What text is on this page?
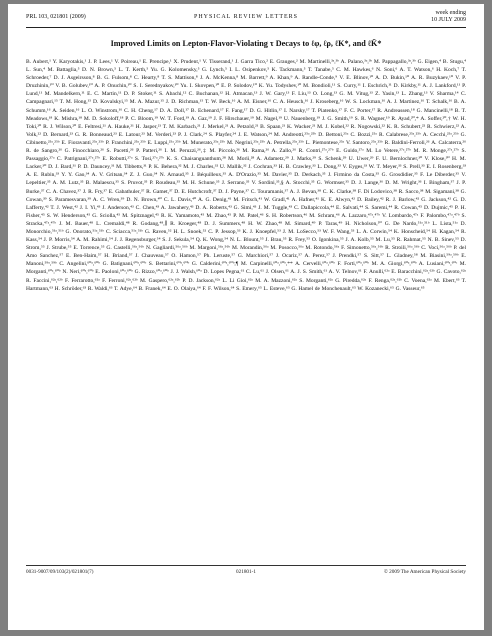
PRL 103, 021801 (2009)	PHYSICAL REVIEW LETTERS
week ending
10 JULY 2009
Improved Limits on Lepton-Flavor-Violating τ Decays to ℓφ, ℓρ, ℓK*, and ℓK̄*
B. Aubert,¹ Y. Karyotakis,¹ J. P. Lees,¹ V. Poireau,¹ E. Prencipe,¹ X. Prudent,¹ V. Tisserand,¹ J. Garra Tico,² E. Grauges,² M. Martinelli,³ᵃ,³ᵇ A. Palano,³ᵃ,³ᵇ M. Pappagallo,³ᵃ,³ᵇ G. Eigen,⁴ B. Stugu,⁴ L. Sun,⁴ M. Battaglia,⁵ D. N. Brown,⁵ L. T. Kerth,⁵ Yu. G. Kolomensky,⁵ G. Lynch,⁵ I. L. Osipenkov,⁵ K. Tackmann,⁵ T. Tanabe,⁵ C. M. Hawkes,⁶ N. Soni,⁶ A. T. Watson,⁶ H. Koch,⁷ T. Schroeder,⁷ D. J. Asgeirsson,⁸ B. G. Fulsom,⁸ C. Hearty,⁸ T. S. Mattison,⁸ J. A. McKenna,⁸ M. Barrett,⁹ A. Khan,⁹ A. Randle-Conde,⁹ V. E. Blinov,¹⁰ A. D. Bukin,¹⁰ A. R. Buzykaev,¹⁰ V. P. Druzhinin,¹⁰ V. B. Golubev,¹⁰ A. P. Onuchin,¹⁰ S. I. Serednyakov,¹⁰ Yu. I. Skovpen,¹⁰ E. P. Solodov,¹⁰ K. Yu. Todyshev,¹⁰ M. Bondioli,¹¹ S. Curry,¹¹ I. Eschrich,¹¹ D. Kirkby,¹¹ A. J. Lankford,¹¹ P. Lund,¹¹ M. Mandelkern,¹¹ E. C. Martin,¹¹ D. P. Stoker,¹¹ S. Abachi,¹² C. Buchanan,¹² H. Atmacan,¹³ J. W. Gary,¹³ F. Liu,¹³ O. Long,¹³ G. M. Vitug,¹³ Z. Yasin,¹³ L. Zhang,¹³ V. Sharma,¹⁴ C. Campagnari,¹⁵ T. M. Hong,¹⁵ D. Kovalskyi,¹⁵ M. A. Mazur,¹⁵ J. D. Richman,¹⁵ T. W. Beck,¹⁶ A. M. Eisner,¹⁶ C. A. Heusch,¹⁶ J. Kroseberg,¹⁶ W. S. Lockman,¹⁶ A. J. Martinez,¹⁶ T. Schalk,¹⁶ B. A. Schumm,¹⁶ A. Seiden,¹⁶ L. O. Winstrom,¹⁶ C. H. Cheng,¹⁷ D. A. Doll,¹⁷ B. Echenard,¹⁷ F. Fang,¹⁷ D. G. Hitlin,¹⁷ I. Narsky,¹⁷ T. Piatenko,¹⁷ F. C. Porter,¹⁷ R. Andreassen,¹⁸ G. Mancinelli,¹⁸ B. T. Meadows,¹⁸ K. Mishra,¹⁸ M. D. Sokoloff,¹⁸ P. C. Bloom,¹⁹ W. T. Ford,¹⁹ A. Gaz,¹⁹ J. F. Hirschauer,¹⁹ M. Nagel,¹⁹ U. Nauenberg,¹⁹ J. G. Smith,¹⁹ S. R. Wagner,¹⁹ R. Ayad,²⁰,* A. Soffer,²⁰,† W. H. Toki,²⁰ R. J. Wilson,²⁰ E. Feltresi,²¹ A. Hauke,²¹ H. Jasper,²¹ T. M. Karbach,²¹ J. Merkel,²¹ A. Petzold,²¹ B. Spaan,²¹ K. Wacker,²¹ M. J. Kobel,²² R. Nogowski,²² K. R. Schubert,²² R. Schwierz,²² A. Volk,²² D. Bernard,²³ G. R. Bonneaud,²³ E. Latour,²³ M. Verderi,²³ P. J. Clark,²⁴ S. Playfer,²⁴ J. E. Watson,²⁴ M. Andreotti,²⁵ᵃ,²⁵ᵇ D. Bettoni,²⁵ᵃ C. Bozzi,²⁵ᵃ R. Calabrese,²⁵ᵃ,²⁵ᵇ A. Cecchi,²⁵ᵃ,²⁵ᵇ G. Cibinetto,²⁵ᵃ,²⁵ᵇ E. Fioravanti,²⁵ᵃ,²⁵ᵇ P. Franchini,²⁵ᵃ,²⁵ᵇ E. Luppi,²⁵ᵃ,²⁵ᵇ M. Munerato,²⁵ᵃ,²⁵ᵇ M. Negrini,²⁵ᵃ,²⁵ᵇ A. Petrella,²⁵ᵃ,²⁵ᵇ L. Piemontese,²⁵ᵃ V. Santoro,²⁵ᵃ,²⁵ᵇ R. Baldini-Ferroli,²⁶ A. Calcaterra,²⁶ R. de Sangro,²⁶ G. Finocchiaro,²⁶ S. Pacetti,²⁶ P. Patteri,²⁶ I. M. Peruzzi,²⁶,‡ M. Piccolo,²⁶ M. Rama,²⁶ A. Zallo,²⁶ R. Contri,²⁷ᵃ,²⁷ᵇ E. Guido,²⁷ᵃ M. Lo Vetere,²⁷ᵃ,²⁷ᵇ M. R. Monge,²⁷ᵃ,²⁷ᵇ S. Passaggio,²⁷ᵃ C. Patrignani,²⁷ᵃ,²⁷ᵇ E. Robutti,²⁷ᵃ S. Tosi,²⁷ᵃ,²⁷ᵇ K. S. Chaisanguanthum,²⁸ M. Morii,²⁸ A. Adametz,²⁹ J. Marks,²⁹ S. Schenk,²⁹ U. Uwer,²⁹ F. U. Bernlochner,³⁰ V. Klose,³⁰ H. M. Lacker,³⁰ D. J. Bard,³¹ P. D. Dauncey,³¹ M. Tibbetts,³¹ P. K. Behera,³² M. J. Charles,³² U. Mallik,³² J. Cochran,³³ H. B. Crawley,³³ L. Dong,³³ V. Eyges,³³ W. T. Meyer,³³ S. Prell,³³ E. I. Rosenberg,³³ A. E. Rubin,³³ Y. Y. Gao,³⁴ A. V. Gritsan,³⁴ Z. J. Guo,³⁴ N. Arnaud,³⁵ J. Béquilleux,³⁵ A. D'Orazio,³⁵ M. Davier,³⁵ D. Derkach,³⁵ J. Firmino da Costa,³⁵ G. Grosdidier,³⁵ F. Le Diberder,³⁵ V. Lepeltier,³⁵ A. M. Lutz,³⁵ B. Malaescu,³⁵ S. Pruvot,³⁵ P. Roudeau,³⁵ M. H. Schune,³⁵ J. Serrano,³⁵ V. Sordini,³⁵,§ A. Stocchi,³⁵ G. Wormser,³⁵ D. J. Lange,³⁶ D. M. Wright,³⁶ I. Bingham,³⁷ J. P. Burke,³⁷ C. A. Chavez,³⁷ J. R. Fry,³⁷ E. Gabathuler,³⁷ R. Gamet,³⁷ D. E. Hutchcroft,³⁷ D. J. Payne,³⁷ C. Touramanis,³⁷ A. J. Bevan,³⁸ C. K. Clarke,³⁸ F. Di Lodovico,³⁸ R. Sacco,³⁸ M. Sigamani,³⁸ G. Cowan,³⁹ S. Paramesvaran,³⁹ A. C. Wren,³⁹ D. N. Brown,⁴⁰ C. L. Davis,⁴⁰ A. G. Denig,⁴¹ M. Fritsch,⁴¹ W. Gradl,⁴¹ A. Hafner,⁴¹ K. E. Alwyn,⁴² D. Bailey,⁴² R. J. Barlow,⁴² G. Jackson,⁴² G. D. Lafferty,⁴² T. J. West,⁴² J. I. Yi,⁴³ J. Anderson,⁴³ C. Chen,⁴³ A. Jawahery,⁴³ D. A. Roberts,⁴³ G. Simi,⁴³ J. M. Tuggle,⁴³ C. Dallapiccola,⁴⁴ E. Salvati,⁴⁴ S. Saremi,⁴⁴ R. Cowan,⁴⁵ D. Dujmic,⁴⁵ P. H. Fisher,⁴⁵ S. W. Henderson,⁴⁵ G. Sciolla,⁴⁵ M. Spitznagel,⁴⁵ R. K. Yamamoto,⁴⁵ M. Zhao,⁴⁵ P. M. Patel,⁴⁶ S. H. Robertson,⁴⁶ M. Schram,⁴⁶ A. Lazzaro,⁴⁷ᵃ,⁴⁷ᵇ V. Lombardo,⁴⁷ᵃ F. Palombo,⁴⁷ᵃ,⁴⁷ᵇ S. Stracka,⁴⁷ᵃ,⁴⁷ᵇ J. M. Bauer,⁴⁸ L. Cremaldi,⁴⁸ R. Godang,⁴⁸,∥ R. Kroeger,⁴⁸ D. J. Summers,⁴⁸ H. W. Zhao,⁴⁸ M. Simard,⁴⁹ P. Taras,⁴⁹ H. Nicholson,⁵⁰ G. De Nardo,⁵¹ᵃ,⁵¹ᵇ L. Lista,⁵¹ᵃ D. Monorchio,⁵¹ᵃ,⁵¹ᵇ G. Onorato,⁵¹ᵃ,⁵¹ᵇ C. Sciacca,⁵¹ᵃ,⁵¹ᵇ G. Raven,⁵² H. L. Snoek,⁵² C. P. Jessop,⁵³ K. J. Knoepfel,⁵³ J. M. LoSecco,⁵³ W. F. Wang,⁵³ L. A. Corwin,⁵⁴ K. Honscheid,⁵⁴ H. Kagan,⁵⁴ R. Kass,⁵⁴ J. P. Morris,⁵⁴ A. M. Rahimi,⁵⁴ J. J. Regensburger,⁵⁴ S. J. Sekula,⁵⁴ Q. K. Wong,⁵⁴ N. L. Blount,⁵⁵ J. Brau,⁵⁵ R. Frey,⁵⁵ O. Igonkina,⁵⁵ J. A. Kolb,⁵⁵ M. Lu,⁵⁵ R. Rahmat,⁵⁵ N. B. Sinev,⁵⁵ D. Strom,⁵⁵ J. Strube,⁵⁵ E. Torrence,⁵⁵ G. Castelli,⁵⁶ᵃ,⁵⁶ᵇ N. Gagliardi,⁵⁶ᵃ,⁵⁶ᵇ M. Margoni,⁵⁶ᵃ,⁵⁶ᵇ M. Morandin,⁵⁶ᵃ M. Posocco,⁵⁶ᵃ M. Rotondo,⁵⁶ᵃ F. Simonetto,⁵⁶ᵃ,⁵⁶ᵇ R. Stroili,⁵⁶ᵃ,⁵⁶ᵇ C. Voci,⁵⁶ᵃ,⁵⁶ᵇ P. del Amo Sanchez,⁵⁷ E. Ben-Haim,⁵⁷ H. Briand,⁵⁷ J. Chauveau,⁵⁷ O. Hamon,⁵⁷ Ph. Leruste,⁵⁷ G. Marchiori,⁵⁷ J. Ocariz,⁵⁷ A. Perez,⁵⁷ J. Prendki,⁵⁷ S. Sitt,⁵⁷ L. Gladney,⁵⁸ M. Biasini,⁵⁹ᵃ,⁵⁹ᵇ E. Manoni,⁵⁹ᵃ,⁵⁹ᵇ C. Angelini,⁶⁰ᵃ,⁶⁰ᵇ G. Batignani,⁶⁰ᵃ,⁶⁰ᵇ S. Bettarini,⁶⁰ᵃ,⁶⁰ᵇ G. Calderini,⁶⁰ᵃ,⁶⁰ᵇ,¶ M. Carpinelli,⁶⁰ᵃ,⁶⁰ᵇ,** A. Cervelli,⁶⁰ᵃ,⁶⁰ᵇ F. Forti,⁶⁰ᵃ,⁶⁰ᵇ M. A. Giorgi,⁶⁰ᵃ,⁶⁰ᵇ A. Lusiani,⁶⁰ᵃ,⁶⁰ᶜ M. Morganti,⁶⁰ᵃ,⁶⁰ᵇ N. Neri,⁶⁰ᵃ,⁶⁰ᵇ E. Paoloni,⁶⁰ᵃ,⁶⁰ᵇ G. Rizzo,⁶⁰ᵃ,⁶⁰ᵇ J. J. Walsh,⁶⁰ᵃ D. Lopes Pegna,⁶¹ C. Lu,⁶¹ J. Olsen,⁶¹ A. J. S. Smith,⁶¹ A. V. Telnov,⁶¹ F. Anulli,⁶²ᵃ E. Baracchini,⁶²ᵃ,⁶²ᵇ G. Cavoto,⁶²ᵃ R. Faccini,⁶²ᵃ,⁶²ᵇ F. Ferrarotto,⁶²ᵃ F. Ferroni,⁶²ᵃ,⁶²ᵇ M. Gaspero,⁶²ᵃ,⁶²ᵇ P. D. Jackson,⁶²ᵃ L. Li Gioi,⁶²ᵃ M. A. Mazzoni,⁶²ᵃ S. Morganti,⁶²ᵃ G. Piredda,⁶²ᵃ F. Renga,⁶²ᵃ,⁶²ᵇ C. Voena,⁶²ᵃ M. Ebert,⁶³ T. Hartmann,⁶³ H. Schröder,⁶³ R. Waldi,⁶³ T. Adye,⁶⁴ B. Franek,⁶⁴ E. O. Olaiya,⁶⁴ F. F. Wilson,⁶⁴ S. Emery,⁶⁵ L. Esteve,⁶⁵ G. Hamel de Monchenault,⁶⁵ W. Kozanecki,⁶⁵ G. Vasseur,⁶⁵
0031-9007/09/103(2)/021801(7)	021801-1	© 2009 The American Physical Society
